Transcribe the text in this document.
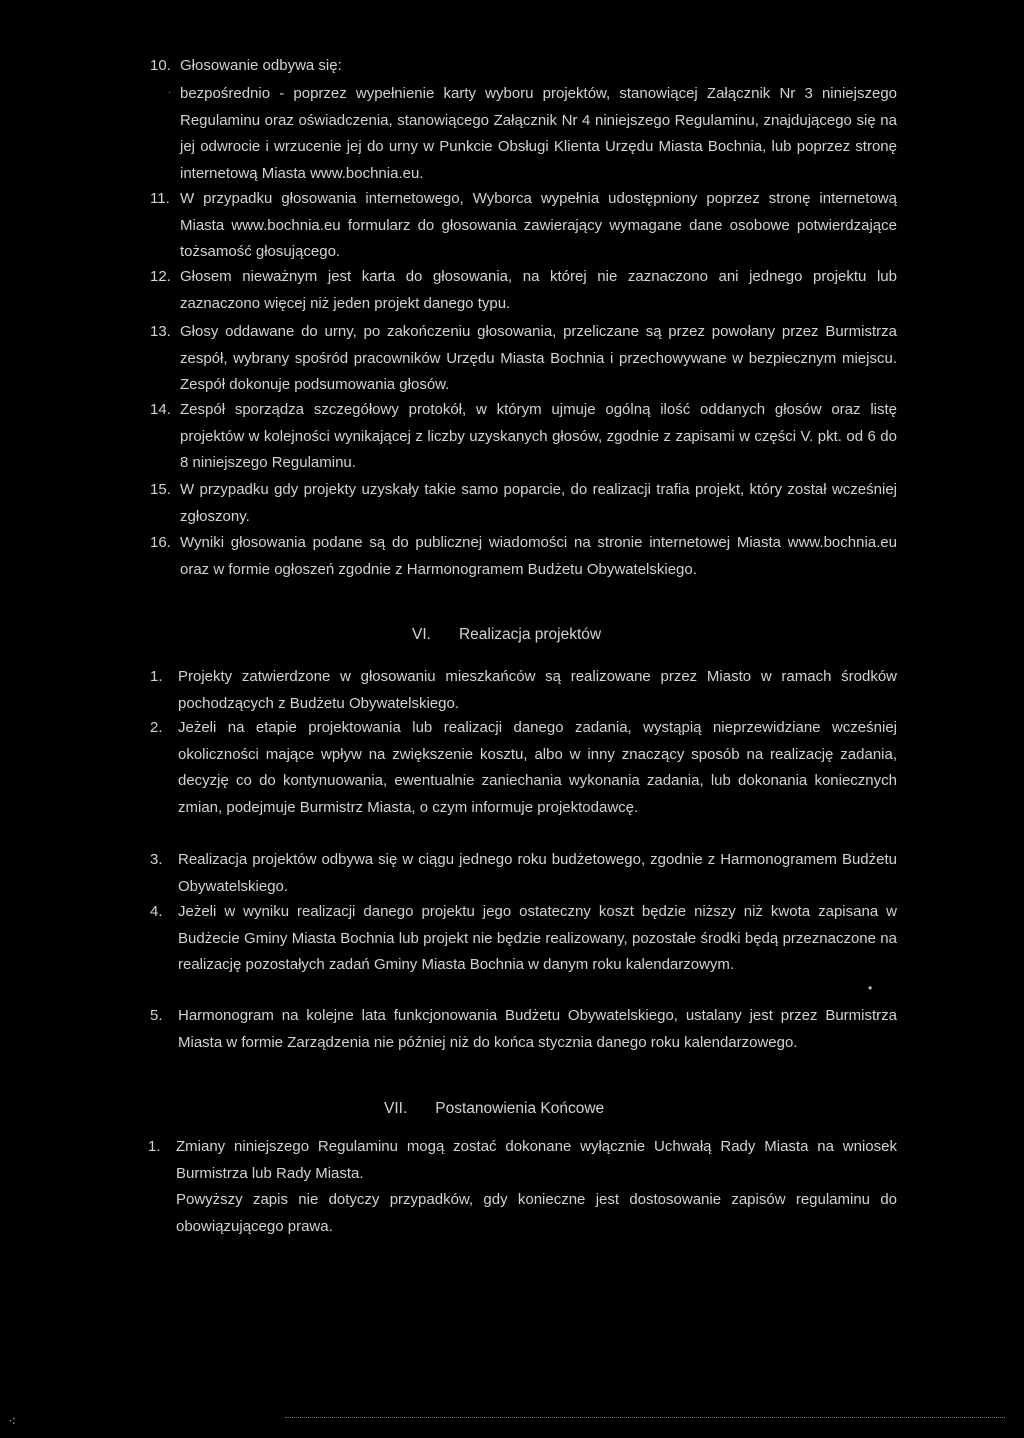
10. Głosowanie odbywa się:
· bezpośrednio - poprzez wypełnienie karty wyboru projektów, stanowiącej Załącznik Nr 3 niniejszego Regulaminu oraz oświadczenia, stanowiącego Załącznik Nr 4 niniejszego Regulaminu, znajdującego się na jej odwrocie i wrzucenie jej do urny w Punkcie Obsługi Klienta Urzędu Miasta Bochnia, lub poprzez stronę internetową Miasta www.bochnia.eu.
11. W przypadku głosowania internetowego, Wyborca wypełnia udostępniony poprzez stronę internetową Miasta www.bochnia.eu formularz do głosowania zawierający wymagane dane osobowe potwierdzające tożsamość głosującego.
12. Głosem nieważnym jest karta do głosowania, na której nie zaznaczono ani jednego projektu lub zaznaczono więcej niż jeden projekt danego typu.
13. Głosy oddawane do urny, po zakończeniu głosowania, przeliczane są przez powołany przez Burmistrza zespół, wybrany spośród pracowników Urzędu Miasta Bochnia i przechowywane w bezpiecznym miejscu. Zespół dokonuje podsumowania głosów.
14. Zespół sporządza szczegółowy protokół, w którym ujmuje ogólną ilość oddanych głosów oraz listę projektów w kolejności wynikającej z liczby uzyskanych głosów, zgodnie z zapisami w części V. pkt. od 6 do 8 niniejszego Regulaminu.
15. W przypadku gdy projekty uzyskały takie samo poparcie, do realizacji trafia projekt, który został wcześniej zgłoszony.
16. Wyniki głosowania podane są do publicznej wiadomości na stronie internetowej Miasta www.bochnia.eu oraz w formie ogłoszeń zgodnie z Harmonogramem Budżetu Obywatelskiego.
VI. Realizacja projektów
1. Projekty zatwierdzone w głosowaniu mieszkańców są realizowane przez Miasto w ramach środków pochodzących z Budżetu Obywatelskiego.
2. Jeżeli na etapie projektowania lub realizacji danego zadania, wystąpią nieprzewidziane wcześniej okoliczności mające wpływ na zwiększenie kosztu, albo w inny znaczący sposób na realizację zadania, decyzję co do kontynuowania, ewentualnie zaniechania wykonania zadania, lub dokonania koniecznych zmian, podejmuje Burmistrz Miasta, o czym informuje projektodawcę.
3. Realizacja projektów odbywa się w ciągu jednego roku budżetowego, zgodnie z Harmonogramem Budżetu Obywatelskiego.
4. Jeżeli w wyniku realizacji danego projektu jego ostateczny koszt będzie niższy niż kwota zapisana w Budżecie Gminy Miasta Bochnia lub projekt nie będzie realizowany, pozostałe środki będą przeznaczone na realizację pozostałych zadań Gminy Miasta Bochnia w danym roku kalendarzowym.
•
5. Harmonogram na kolejne lata funkcjonowania Budżetu Obywatelskiego, ustalany jest przez Burmistrza Miasta w formie Zarządzenia nie później niż do końca stycznia danego roku kalendarzowego.
VII. Postanowienia Końcowe
1. Zmiany niniejszego Regulaminu mogą zostać dokonane wyłącznie Uchwałą Rady Miasta na wniosek Burmistrza lub Rady Miasta.
Powyższy zapis nie dotyczy przypadków, gdy konieczne jest dostosowanie zapisów regulaminu do obowiązującego prawa.
⁖
